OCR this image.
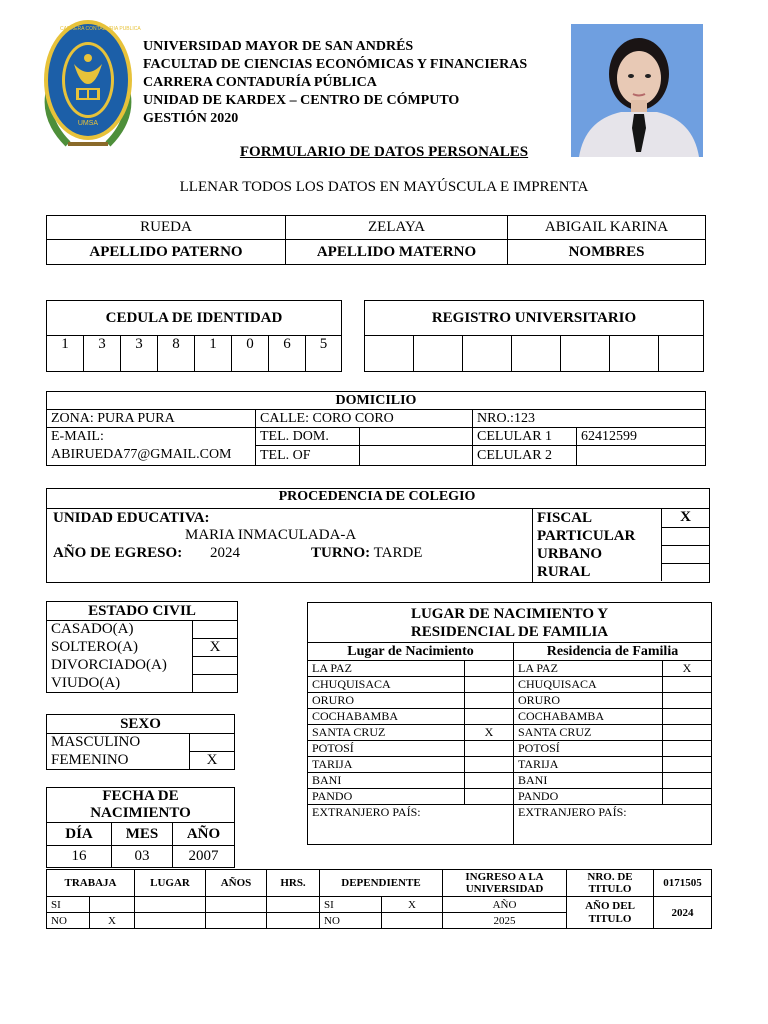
CARRERA CONTADURIA PUBLICA
UMSA
UNIVERSIDAD MAYOR DE SAN ANDRÉS
FACULTAD DE CIENCIAS ECONÓMICAS Y FINANCIERAS
CARRERA CONTADURÍA PÚBLICA
UNIDAD DE KARDEX – CENTRO DE CÓMPUTO
GESTIÓN 2020
FORMULARIO DE DATOS PERSONALES
LLENAR TODOS LOS DATOS EN MAYÚSCULA E IMPRENTA
RUEDA	ZELAYA	ABIGAIL KARINA
APELLIDO PATERNO	APELLIDO MATERNO	NOMBRES
CEDULA DE IDENTIDAD
1	3	3	8	1	0	6	5
REGISTRO UNIVERSITARIO

DOMICILIO				
ZONA: PURA PURA	CALLE: CORO CORO		NRO.:123	
E-MAIL:	TEL. DOM.		CELULAR 1	62412599
ABIRUEDA77@GMAIL.COM	TEL. OF		CELULAR 2	
PROCEDENCIA DE COLEGIO
UNIDAD EDUCATIVA:
MARIA INMACULADA-A
AÑO DE EGRESO: 2024	TURNO: TARDE
FISCAL	X
PARTICULAR	
URBANO	
RURAL	
ESTADO CIVIL	
CASADO(A)	
SOLTERO(A)	X
DIVORCIADO(A)	
VIUDO(A)	
SEXO	
MASCULINO	
FEMENINO	X
FECHA DE NACIMIENTO		
DÍA	MES	AÑO
16	03	2007
LUGAR DE NACIMIENTO Y
RESIDENCIAL DE FAMILIA			

Lugar de Nacimiento		Residencia de Familia	
LA PAZ		LA PAZ	X
CHUQUISACA		CHUQUISACA	
ORURO		ORURO	
COCHABAMBA		COCHABAMBA	
SANTA CRUZ	X	SANTA CRUZ	
POTOSÍ		POTOSÍ	
TARIJA		TARIJA	
BANI		BANI	
PANDO		PANDO	
EXTRANJERO PAÍS:		EXTRANJERO PAÍS:	
TRABAJA		LUGAR	AÑOS	HRS.	DEPENDIENTE		INGRESO A LA UNIVERSIDAD	NRO. DE TITULO	0171505
SI					SI	X	AÑO	AÑO DEL TITULO	2024
NO	X				NO		2025		
